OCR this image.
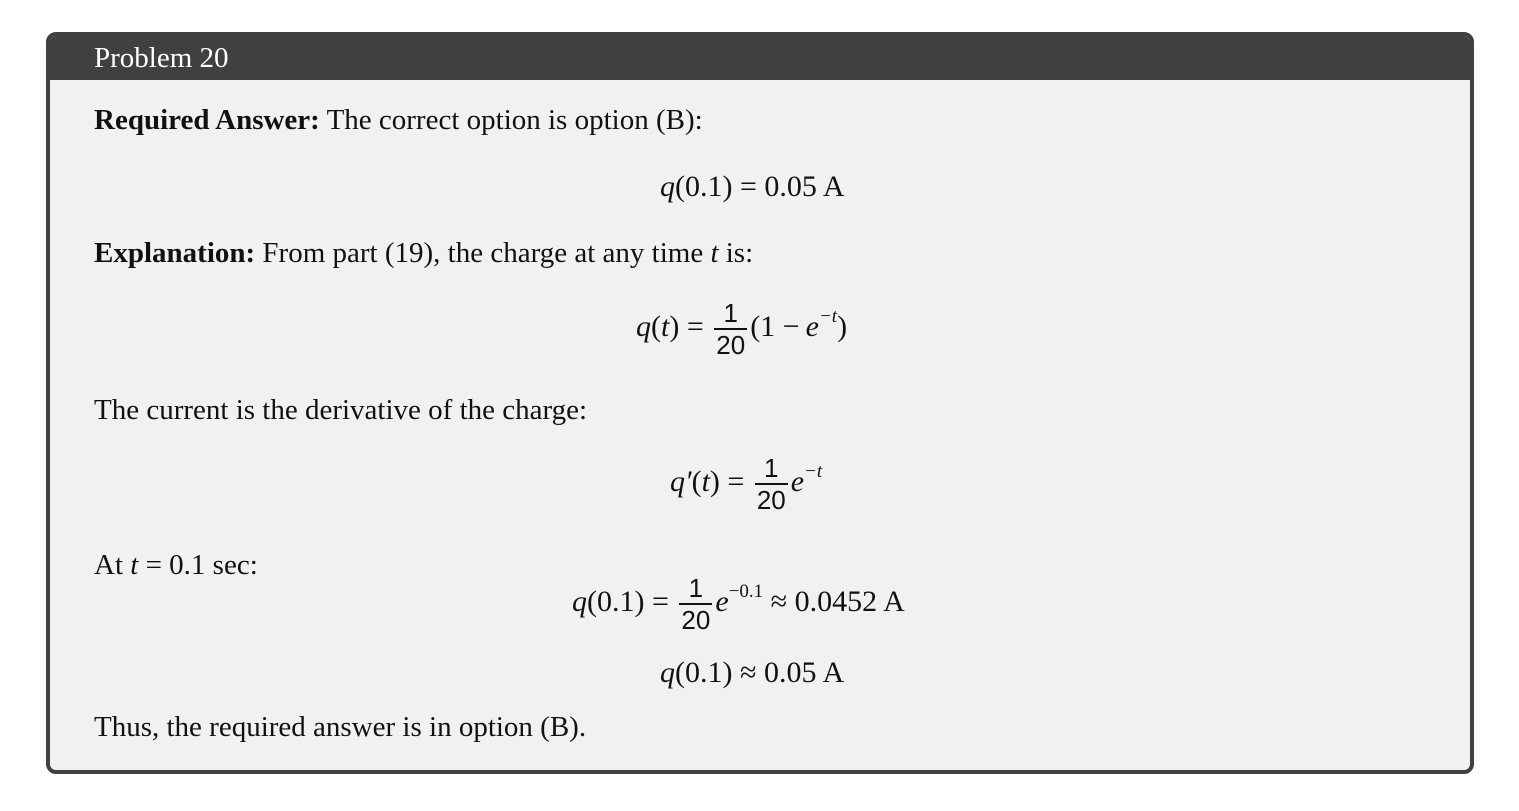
Problem 20
Required Answer: The correct option is option (B):
q(0.1) = 0.05  A
Explanation: From part (19), the charge at any time t is:
$q(t) = \frac{1}{20} (1 - e^{-t})$
The current is the derivative of the charge:
$q'(t) = \frac{1}{20} e^{-t}$
At t = 0.1 sec:
$q(0.1) = \frac{1}{20} e^{-0.1} \approx 0.0452$  A
q(0.1) ≈ 0.05  A
Thus, the required answer is in option (B).
